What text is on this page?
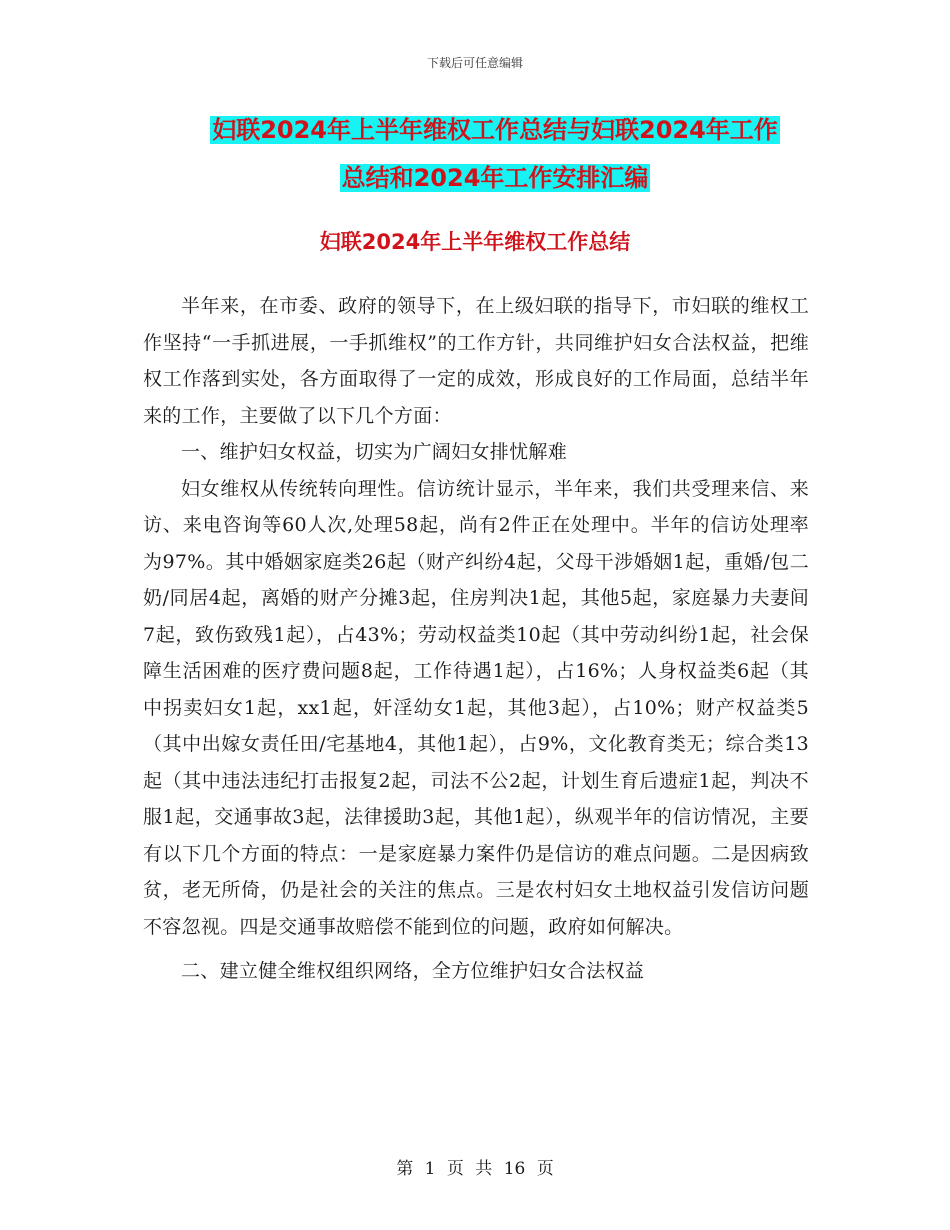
下载后可任意编辑
妇联2024年上半年维权工作总结与妇联2024年工作
总结和2024年工作安排汇编
妇联2024年上半年维权工作总结

半年来，在市委、政府的领导下，在上级妇联的指导下，市妇联的维权工作坚持“一手抓进展，一手抓维权”的工作方针，共同维护妇女合法权益，把维权工作落到实处，各方面取得了一定的成效，形成良好的工作局面，总结半年来的工作，主要做了以下几个方面：

一、维护妇女权益，切实为广阔妇女排忧解难

妇女维权从传统转向理性。信访统计显示，半年来，我们共受理来信、来访、来电咨询等60人次,处理58起，尚有2件正在处理中。半年的信访处理率为97%。其中婚姻家庭类26起（财产纠纷4起，父母干涉婚姻1起，重婚/包二奶/同居4起，离婚的财产分摊3起，住房判决1起，其他5起，家庭暴力夫妻间7起，致伤致残1起），占43%；劳动权益类10起（其中劳动纠纷1起，社会保障生活困难的医疗费问题8起，工作待遇1起），占16%；人身权益类6起（其中拐卖妇女1起，xx1起，奸淫幼女1起，其他3起），占10%；财产权益类5（其中出嫁女责任田/宅基地4，其他1起），占9%，文化教育类无；综合类13起（其中违法违纪打击报复2起，司法不公2起，计划生育后遗症1起，判决不服1起，交通事故3起，法律援助3起，其他1起），纵观半年的信访情况，主要有以下几个方面的特点：一是家庭暴力案件仍是信访的难点问题。二是因病致贫，老无所倚，仍是社会的关注的焦点。三是农村妇女土地权益引发信访问题不容忽视。四是交通事故赔偿不能到位的问题，政府如何解决。

二、建立健全维权组织网络，全方位维护妇女合法权益

第 1 页 共 16 页
